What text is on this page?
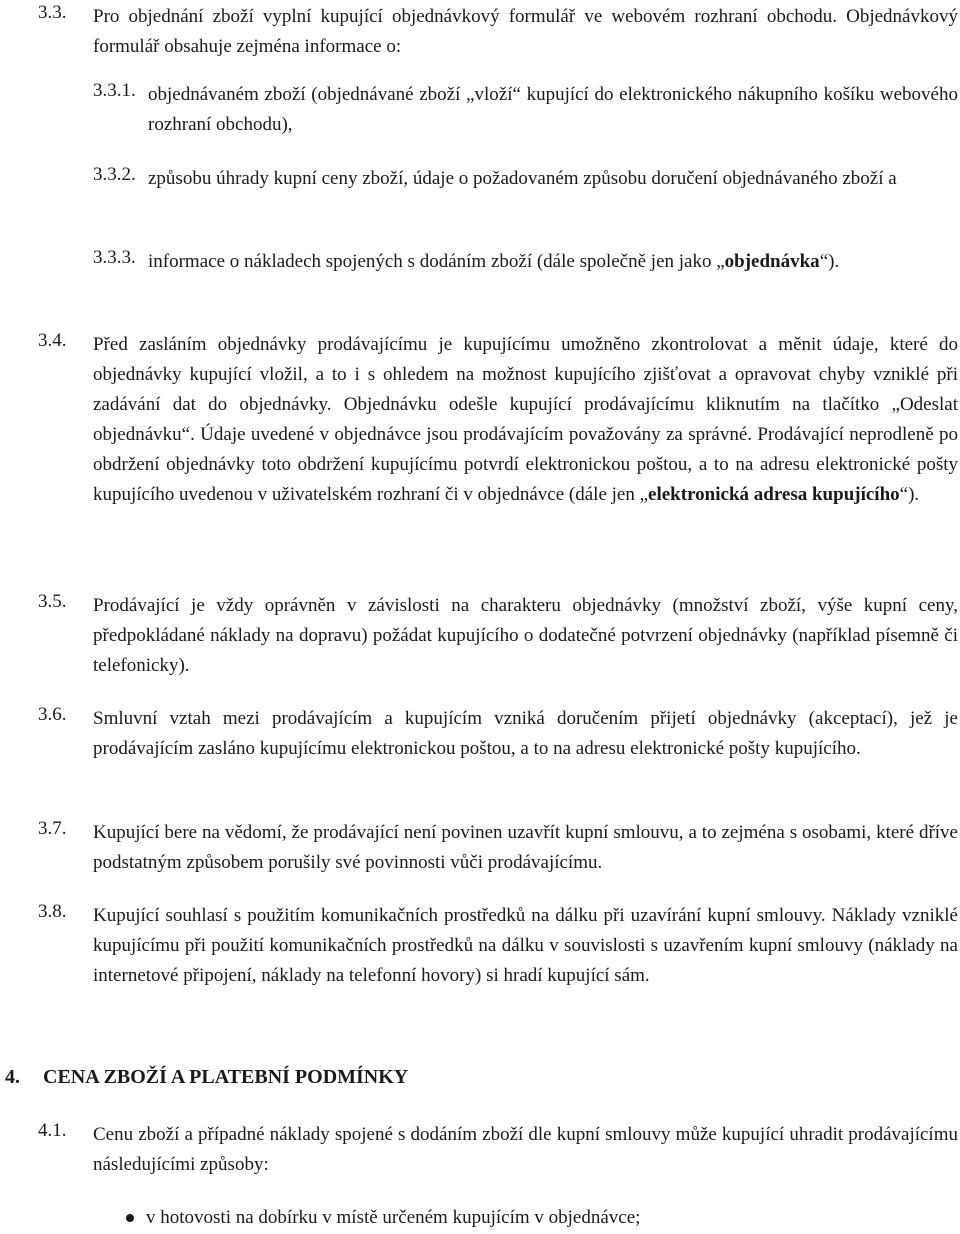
3.3. Pro objednání zboží vyplní kupující objednávkový formulář ve webovém rozhraní obchodu. Objednávkový formulář obsahuje zejména informace o:
3.3.1. objednávaném zboží (objednávané zboží „vloží“ kupující do elektronického nákupního košíku webového rozhraní obchodu),
3.3.2. způsobu úhrady kupní ceny zboží, údaje o požadovaném způsobu doručení objednávaného zboží a
3.3.3. informace o nákladech spojených s dodáním zboží (dále společně jen jako „objednávka“).
3.4. Před zasláním objednávky prodávajícímu je kupujícímu umožněno zkontrolovat a měnit údaje, které do objednávky kupující vložil, a to i s ohledem na možnost kupujícího zjišťovat a opravovat chyby vzniklé při zadávání dat do objednávky. Objednávku odešle kupující prodávajícímu kliknutím na tlačítko „Odeslat objednávku“. Údaje uvedené v objednávce jsou prodávajícím považovány za správné. Prodávající neprodleně po obdržení objednávky toto obdržení kupujícímu potvrdí elektronickou poštou, a to na adresu elektronické pošty kupujícího uvedenou v uživatelském rozhraní či v objednávce (dále jen „elektronická adresa kupujícího“).
3.5. Prodávající je vždy oprávněn v závislosti na charakteru objednávky (množství zboží, výše kupní ceny, předpokládané náklady na dopravu) požádat kupujícího o dodatečné potvrzení objednávky (například písemně či telefonicky).
3.6. Smluvní vztah mezi prodávajícím a kupujícím vzniká doručením přijetí objednávky (akceptací), jež je prodávajícím zasláno kupujícímu elektronickou poštou, a to na adresu elektronické pošty kupujícího.
3.7. Kupující bere na vědomí, že prodávající není povinen uzavřít kupní smlouvu, a to zejména s osobami, které dříve podstatným způsobem porušily své povinnosti vůči prodávajícímu.
3.8. Kupující souhlasí s použitím komunikačních prostředků na dálku při uzavírání kupní smlouvy. Náklady vzniklé kupujícímu při použití komunikačních prostředků na dálku v souvislosti s uzavřením kupní smlouvy (náklady na internetové připojení, náklady na telefonní hovory) si hradí kupující sám.
4. CENA ZBOŽÍ A PLATEBNÍ PODMÍNKY
4.1. Cenu zboží a případné náklady spojené s dodáním zboží dle kupní smlouvy může kupující uhradit prodávajícímu následujícími způsoby:
v hotovosti na dobírku v místě určeném kupujícím v objednávce;
